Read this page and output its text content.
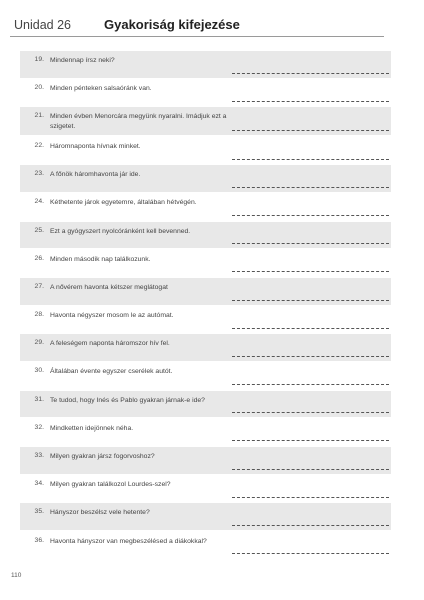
Unidad 26	Gyakoriság kifejezése
19. Mindennap írsz neki?
20. Minden pénteken salsaóránk van.
21. Minden évben Menorcára megyünk nyaralni. Imádjuk ezt a szigetet.
22. Háromnaponta hívnak minket.
23. A főnök háromhavonta jár ide.
24. Kéthetente járok egyetemre, általában hétvégén.
25. Ezt a gyógyszert nyolcóránként kell bevenned.
26. Minden második nap találkozunk.
27. A nővérem havonta kétszer meglátogat
28. Havonta négyszer mosom le az autómat.
29. A feleségem naponta háromszor hív fel.
30. Általában évente egyszer cserélek autót.
31. Te tudod, hogy Inés és Pablo gyakran járnak-e ide?
32. Mindketten idejönnek néha.
33. Milyen gyakran jársz fogorvoshoz?
34. Milyen gyakran találkozol Lourdes-szel?
35. Hányszor beszélsz vele hetente?
36. Havonta hányszor van megbeszélésed a diákokkal?
110
